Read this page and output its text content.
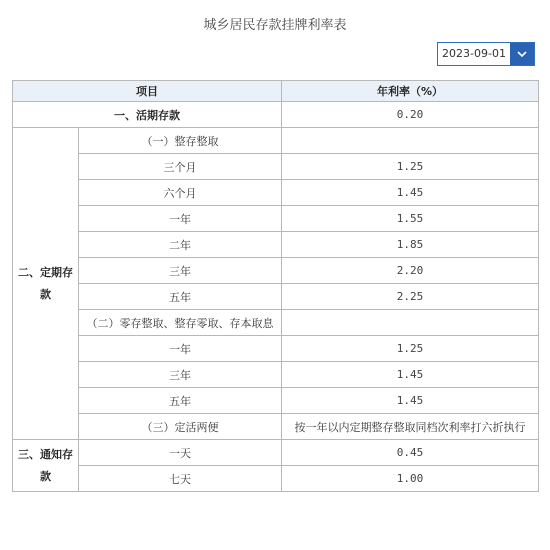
城乡居民存款挂牌利率表
2023-09-01
项目		年利率（%）
一、活期存款		0.20
二、定期存款	（一）整存整取	
	三个月	1.25
	六个月	1.45
	一年	1.55
	二年	1.85
	三年	2.20
	五年	2.25
	（二）零存整取、整存零取、存本取息	
	一年	1.25
	三年	1.45
	五年	1.45
	（三）定活两便	按一年以内定期整存整取同档次利率打六折执行
三、通知存款	一天	0.45
	七天	1.00
